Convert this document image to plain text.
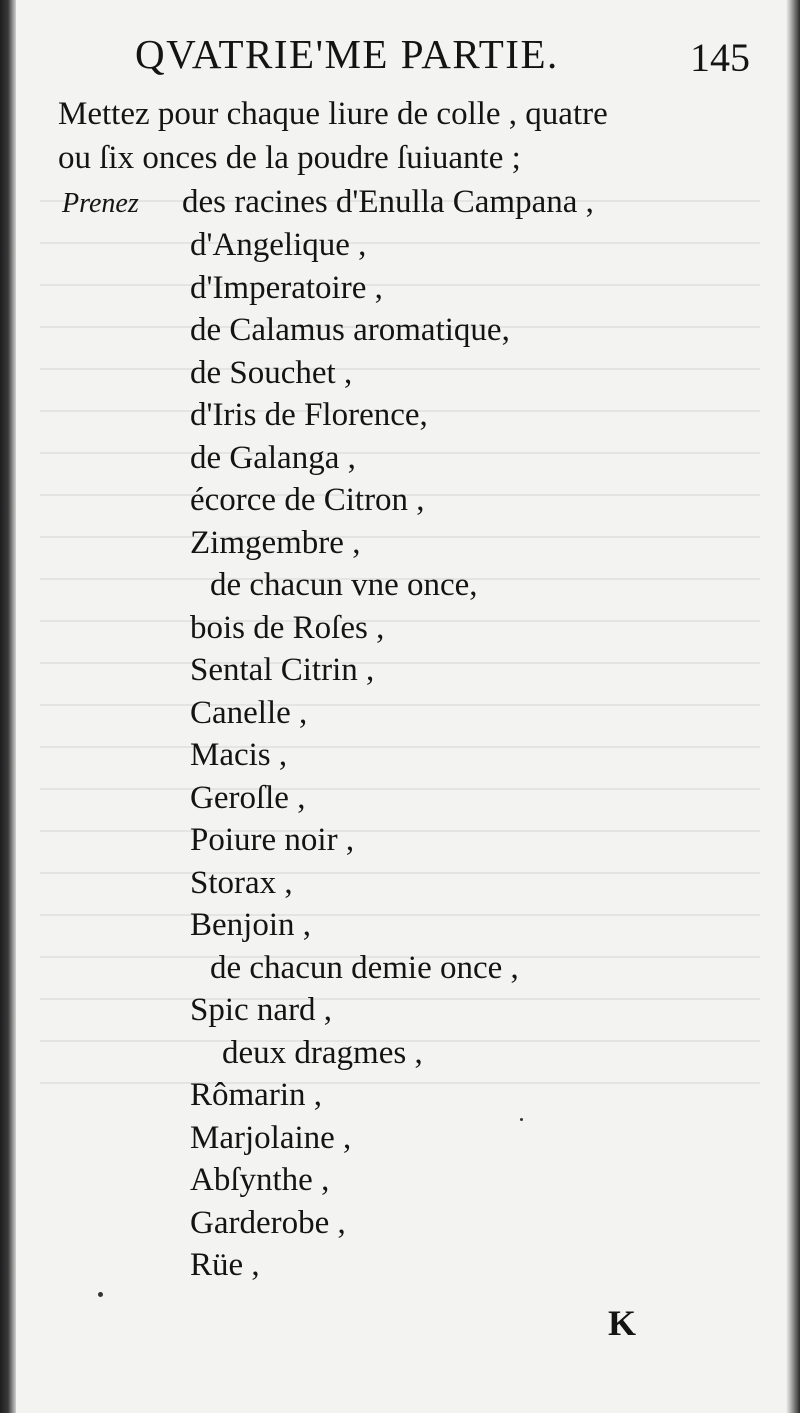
QVATRIE'ME PARTIE.	145
Mettez pour chaque liure de colle , quatre
ou ſix onces de la poudre ſuiuante ;
Prenez des racines d'Enulla Campana ,
d'Angelique ,
d'Imperatoire ,
de Calamus aromatique,
de Souchet ,
d'Iris de Florence,
de Galanga ,
écorce de Citron ,
Zimgembre ,
de chacun vne once,
bois de Roſes ,
Sental Citrin ,
Canelle ,
Macis ,
Geroſle ,
Poiure noir ,
Storax ,
Benjoin ,
de chacun demie once ,
Spic nard ,
deux dragmes ,
Rômarin ,
Marjolaine ,
Abſynthe ,
Garderobe ,
Rüe ,
K
